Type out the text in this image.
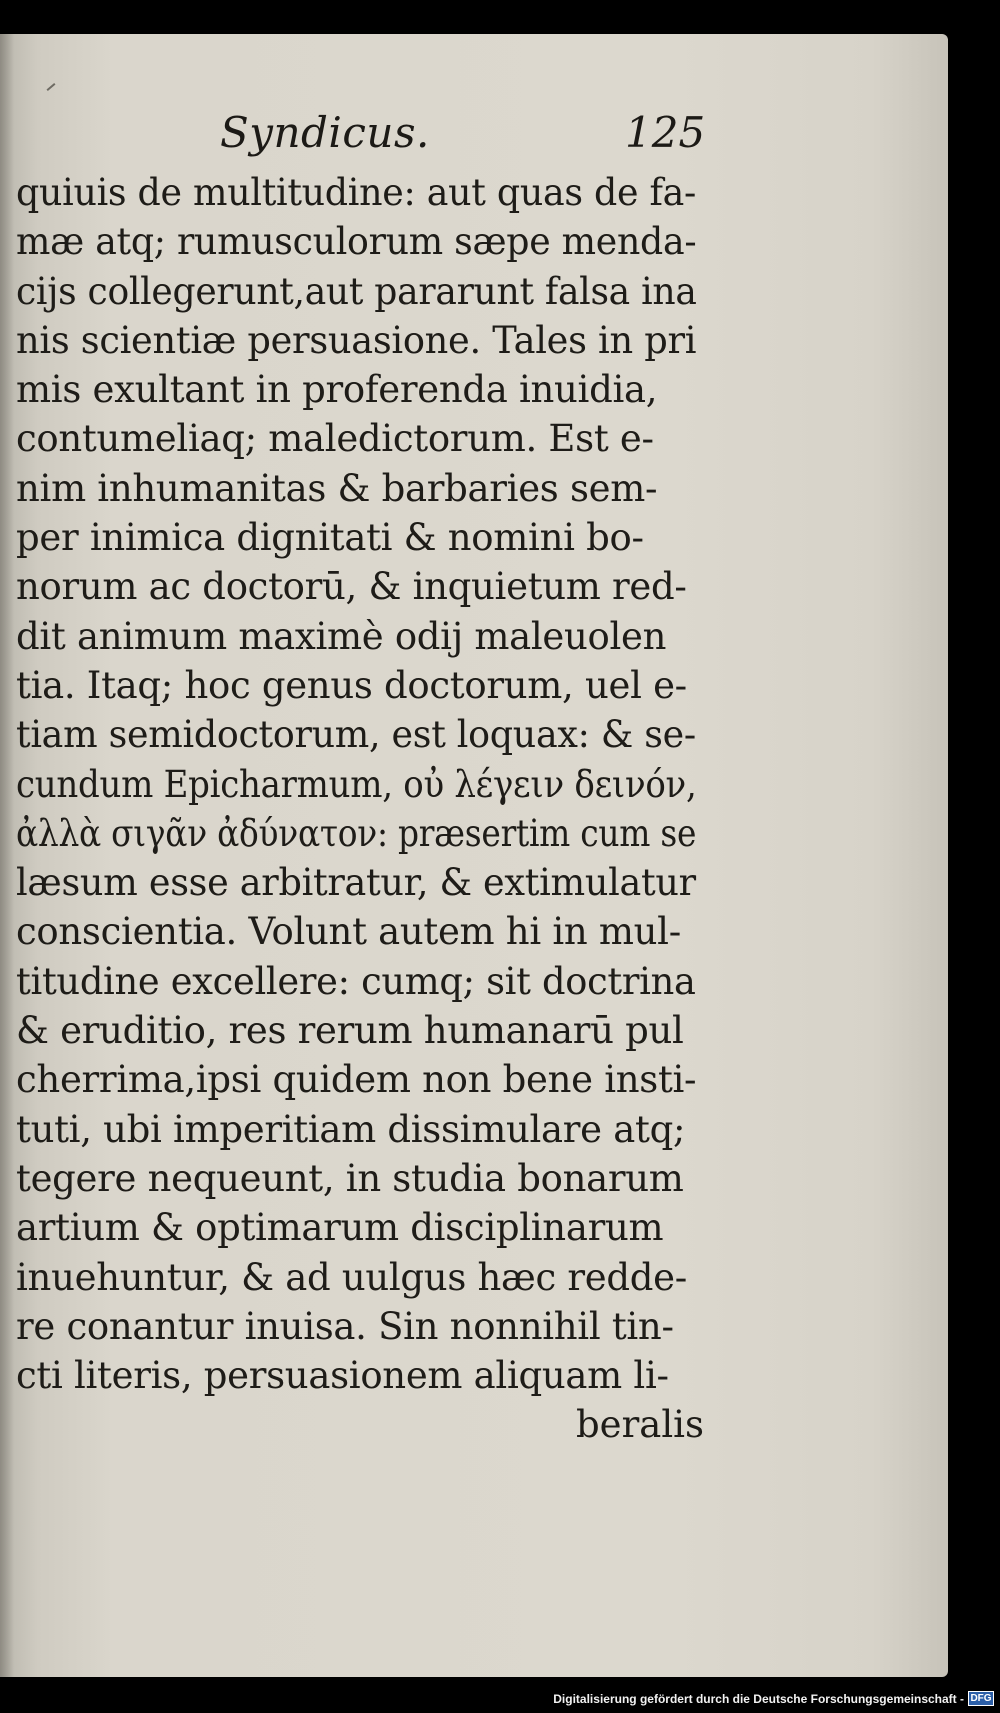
Syndicus.	125
quiuis de multitudine: aut quas de fa-
mæ atq; rumusculorum sæpe menda-
cijs collegerunt,aut pararunt falsa ina
nis scientiæ persuasione. Tales in pri
mis exultant in proferenda inuidia,
contumeliaq; maledictorum. Est e-
nim inhumanitas & barbaries sem-
per inimica dignitati & nomini bo-
norum ac doctorū, & inquietum red-
dit animum maximè odij maleuolen
tia. Itaq; hoc genus doctorum, uel e-
tiam semidoctorum, est loquax: & se-
cundum Epicharmum, οὐ λέγειν δεινόν,
ἀλλὰ σιγᾶν ἀδύνατον: præsertim cum se
læsum esse arbitratur, & extimulatur
conscientia. Volunt autem hi in mul-
titudine excellere: cumq; sit doctrina
& eruditio, res rerum humanarū pul
cherrima,ipsi quidem non bene insti-
tuti, ubi imperitiam dissimulare atq;
tegere nequeunt, in studia bonarum
artium & optimarum disciplinarum
inuehuntur, & ad uulgus hæc redde-
re conantur inuisa. Sin nonnihil tin-
cti literis, persuasionem aliquam li-
beralis
Digitalisierung gefördert durch die Deutsche Forschungsgemeinschaft - DFG
